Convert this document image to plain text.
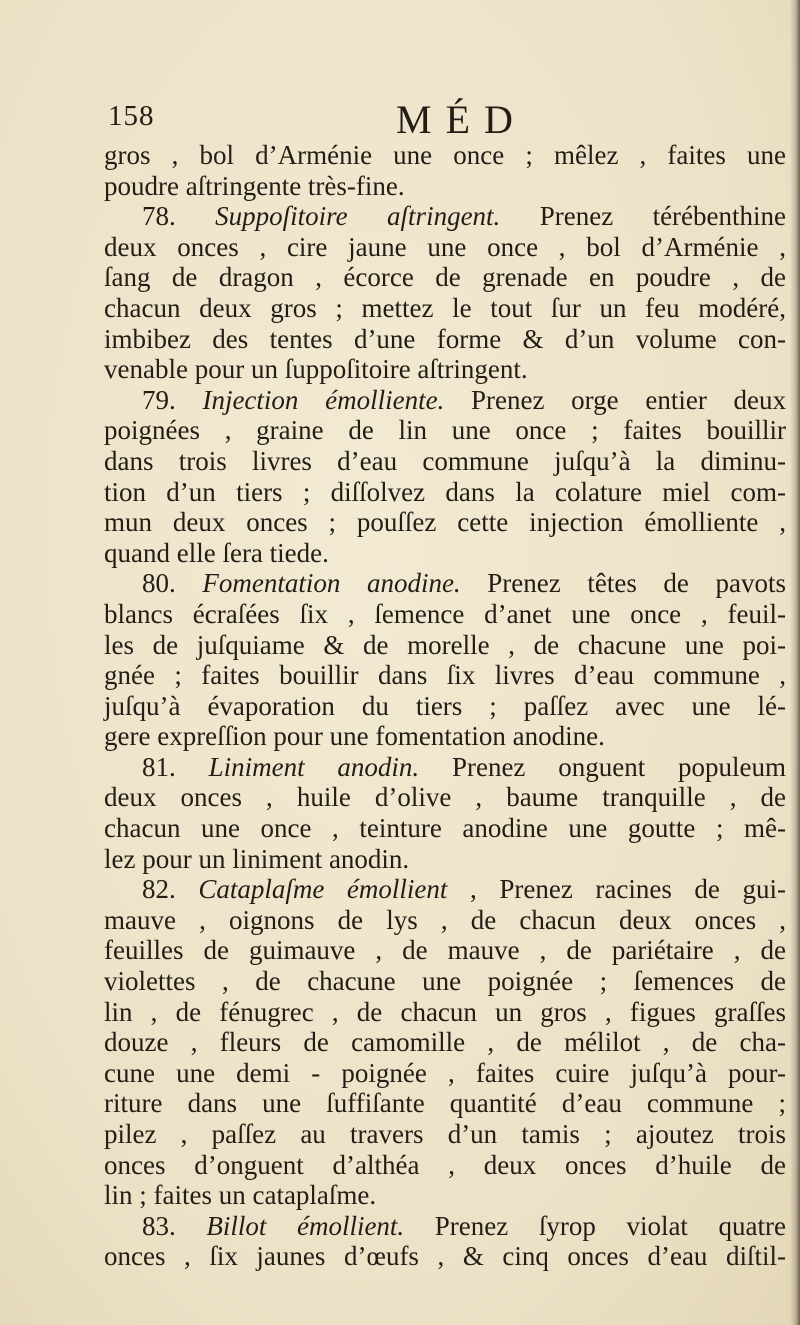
158	MÉD
gros , bol d’Arménie une once ; mêlez , faites une
poudre aſtringente très-fine.
78. Suppoſitoire aſtringent. Prenez térébenthine
deux onces , cire jaune une once , bol d’Arménie ,
ſang de dragon , écorce de grenade en poudre , de
chacun deux gros ; mettez le tout ſur un feu modéré,
imbibez des tentes d’une forme & d’un volume con-
venable pour un ſuppoſitoire aſtringent.
79. Injection émolliente. Prenez orge entier deux
poignées , graine de lin une once ; faites bouillir
dans trois livres d’eau commune juſqu’à la diminu-
tion d’un tiers ; diſſolvez dans la colature miel com-
mun deux onces ; pouſſez cette injection émolliente ,
quand elle ſera tiede.
80. Fomentation anodine. Prenez têtes de pavots
blancs écraſées ſix , ſemence d’anet une once , feuil-
les de juſquiame & de morelle , de chacune une poi-
gnée ; faites bouillir dans ſix livres d’eau commune ,
juſqu’à évaporation du tiers ; paſſez avec une lé-
gere expreſſion pour une fomentation anodine.
81. Liniment anodin. Prenez onguent populeum
deux onces , huile d’olive , baume tranquille , de
chacun une once , teinture anodine une goutte ; mê-
lez pour un liniment anodin.
82. Cataplaſme émollient , Prenez racines de gui-
mauve , oignons de lys , de chacun deux onces ,
feuilles de guimauve , de mauve , de pariétaire , de
violettes , de chacune une poignée ; ſemences de
lin , de fénugrec , de chacun un gros , figues graſſes
douze , fleurs de camomille , de mélilot , de cha-
cune une demi - poignée , faites cuire juſqu’à pour-
riture dans une ſuffiſante quantité d’eau commune ;
pilez , paſſez au travers d’un tamis ; ajoutez trois
onces d’onguent d’althéa , deux onces d’huile de
lin ; faites un cataplaſme.
83. Billot émollient. Prenez ſyrop violat quatre
onces , ſix jaunes d’œufs , & cinq onces d’eau diſtil-
